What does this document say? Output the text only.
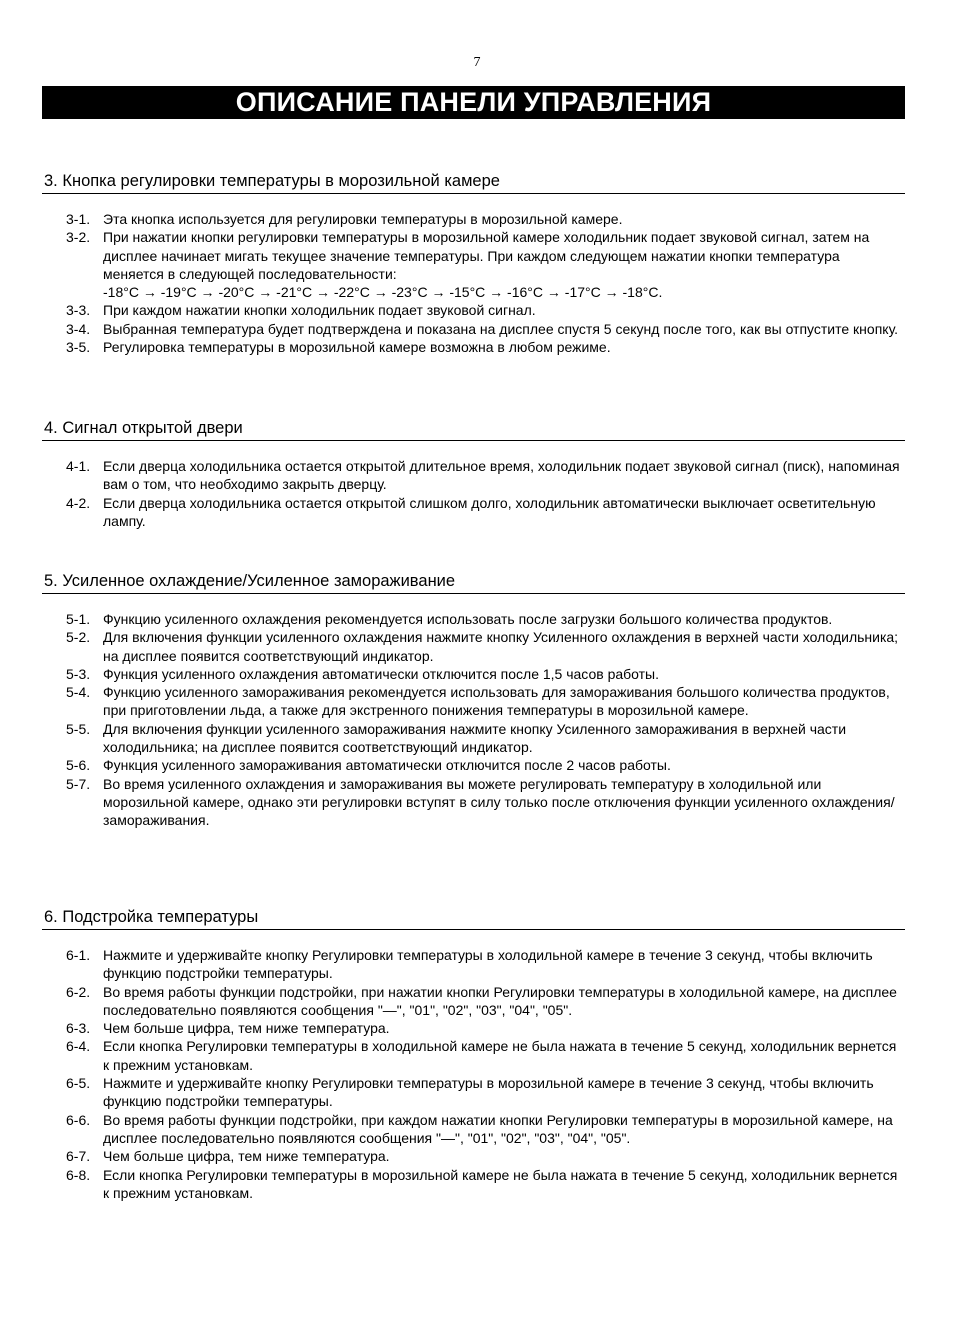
7
ОПИСАНИЕ ПАНЕЛИ УПРАВЛЕНИЯ
3. Кнопка регулировки температуры в морозильной камере
3-1. Эта кнопка используется для регулировки температуры в морозильной камере.
3-2. При нажатии кнопки регулировки температуры в морозильной камере холодильник подает звуковой сигнал, затем на дисплее начинает мигать текущее значение температуры. При каждом следующем нажатии кнопки температура меняется в следующей последовательности:
-18°C → -19°C → -20°C → -21°C → -22°C → -23°C → -15°C → -16°C → -17°C → -18°C.
3-3. При каждом нажатии кнопки холодильник подает звуковой сигнал.
3-4. Выбранная температура будет подтверждена и показана на дисплее спустя 5 секунд после того, как вы отпустите кнопку.
3-5. Регулировка температуры в морозильной камере возможна в любом режиме.
4. Сигнал открытой двери
4-1. Если дверца холодильника остается открытой длительное время, холодильник подает звуковой сигнал (писк), напоминая вам о том, что необходимо закрыть дверцу.
4-2. Если дверца холодильника остается открытой слишком долго, холодильник автоматически выключает осветительную лампу.
5. Усиленное охлаждение/Усиленное замораживание
5-1. Функцию усиленного охлаждения рекомендуется использовать после загрузки большого количества продуктов.
5-2. Для включения функции усиленного охлаждения нажмите кнопку Усиленного охлаждения в верхней части холодильника; на дисплее появится соответствующий индикатор.
5-3. Функция усиленного охлаждения автоматически отключится после 1,5 часов работы.
5-4. Функцию усиленного замораживания рекомендуется использовать для замораживания большого количества продуктов, при приготовлении льда, а также для экстренного понижения температуры в морозильной камере.
5-5. Для включения функции усиленного замораживания нажмите кнопку Усиленного замораживания в верхней части холодильника; на дисплее появится соответствующий индикатор.
5-6. Функция усиленного замораживания автоматически отключится после 2 часов работы.
5-7. Во время усиленного охлаждения и замораживания вы можете регулировать температуру в холодильной или морозильной камере, однако эти регулировки вступят в силу только после отключения функции усиленного охлаждения/замораживания.
6. Подстройка температуры
6-1. Нажмите и удерживайте кнопку Регулировки температуры в холодильной камере в течение 3 секунд, чтобы включить функцию подстройки температуры.
6-2. Во время работы функции подстройки, при нажатии кнопки Регулировки температуры в холодильной камере, на дисплее последовательно появляются сообщения "—", "01", "02", "03", "04", "05".
6-3. Чем больше цифра, тем ниже температура.
6-4. Если кнопка Регулировки температуры в холодильной камере не была нажата в течение 5 секунд, холодильник вернется к прежним установкам.
6-5. Нажмите и удерживайте кнопку Регулировки температуры в морозильной камере в течение 3 секунд, чтобы включить функцию подстройки температуры.
6-6. Во время работы функции подстройки, при каждом нажатии кнопки Регулировки температуры в морозильной камере, на дисплее последовательно появляются сообщения "—", "01", "02", "03", "04", "05".
6-7. Чем больше цифра, тем ниже температура.
6-8. Если кнопка Регулировки температуры в морозильной камере не была нажата в течение 5 секунд, холодильник вернется к прежним установкам.
